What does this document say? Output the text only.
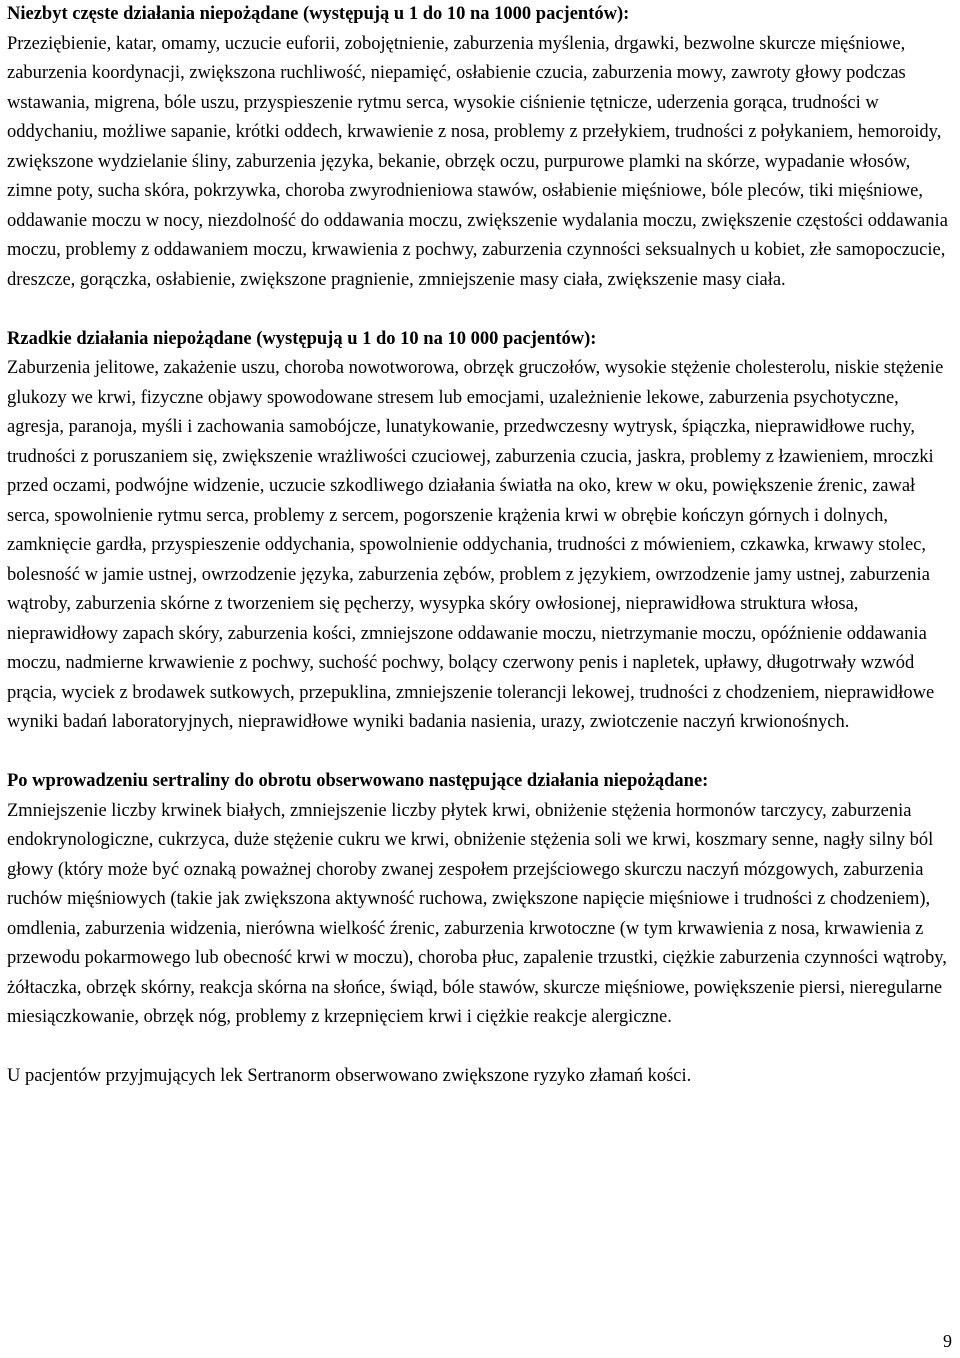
Niezbyt częste działania niepożądane (występują u 1 do 10 na 1000 pacjentów):

Przeziębienie, katar, omamy, uczucie euforii, zobojętnienie, zaburzenia myślenia, drgawki, bezwolne skurcze mięśniowe, zaburzenia koordynacji, zwiększona ruchliwość, niepamięć, osłabienie czucia, zaburzenia mowy, zawroty głowy podczas wstawania, migrena, bóle uszu, przyspieszenie rytmu serca, wysokie ciśnienie tętnicze, uderzenia gorąca, trudności w oddychaniu, możliwe sapanie, krótki oddech, krwawienie z nosa, problemy z przełykiem, trudności z połykaniem, hemoroidy, zwiększone wydzielanie śliny, zaburzenia języka, bekanie, obrzęk oczu, purpurowe plamki na skórze, wypadanie włosów, zimne poty, sucha skóra, pokrzywka, choroba zwyrodnieniowa stawów, osłabienie mięśniowe, bóle pleców, tiki mięśniowe, oddawanie moczu w nocy, niezdolność do oddawania moczu, zwiększenie wydalania moczu, zwiększenie częstości oddawania moczu, problemy z oddawaniem moczu, krwawienia z pochwy, zaburzenia czynności seksualnych u kobiet, złe samopoczucie, dreszcze, gorączka, osłabienie, zwiększone pragnienie, zmniejszenie masy ciała, zwiększenie masy ciała.

Rzadkie działania niepożądane (występują u 1 do 10 na 10 000 pacjentów):

Zaburzenia jelitowe, zakażenie uszu, choroba nowotworowa, obrzęk gruczołów, wysokie stężenie cholesterolu, niskie stężenie glukozy we krwi, fizyczne objawy spowodowane stresem lub emocjami, uzależnienie lekowe, zaburzenia psychotyczne, agresja, paranoja, myśli i zachowania samobójcze, lunatykowanie, przedwczesny wytrysk, śpiączka, nieprawidłowe ruchy, trudności z poruszaniem się, zwiększenie wrażliwości czuciowej, zaburzenia czucia, jaskra, problemy z łzawieniem, mroczki przed oczami, podwójne widzenie, uczucie szkodliwego działania światła na oko, krew w oku, powiększenie źrenic, zawał serca, spowolnienie rytmu serca, problemy z sercem, pogorszenie krążenia krwi w obrębie kończyn górnych i dolnych, zamknięcie gardła, przyspieszenie oddychania, spowolnienie oddychania, trudności z mówieniem, czkawka, krwawy stolec, bolesność w jamie ustnej, owrzodzenie języka, zaburzenia zębów, problem z językiem, owrzodzenie jamy ustnej, zaburzenia wątroby, zaburzenia skórne z tworzeniem się pęcherzy, wysypka skóry owłosionej, nieprawidłowa struktura włosa, nieprawidłowy zapach skóry, zaburzenia kości, zmniejszone oddawanie moczu, nietrzymanie moczu, opóźnienie oddawania moczu, nadmierne krwawienie z pochwy, suchość pochwy, bolący czerwony penis i napletek, upławy, długotrwały wzwód prącia, wyciek z brodawek sutkowych, przepuklina, zmniejszenie tolerancji lekowej, trudności z chodzeniem, nieprawidłowe wyniki badań laboratoryjnych, nieprawidłowe wyniki badania nasienia, urazy, zwiotczenie naczyń krwionośnych.

Po wprowadzeniu sertraliny do obrotu obserwowano następujące działania niepożądane:

Zmniejszenie liczby krwinek białych, zmniejszenie liczby płytek krwi, obniżenie stężenia hormonów tarczycy, zaburzenia endokrynologiczne, cukrzyca, duże stężenie cukru we krwi, obniżenie stężenia soli we krwi, koszmary senne, nagły silny ból głowy (który może być oznaką poważnej choroby zwanej zespołem przejściowego skurczu naczyń mózgowych, zaburzenia ruchów mięśniowych (takie jak zwiększona aktywność ruchowa, zwiększone napięcie mięśniowe i trudności z chodzeniem), omdlenia, zaburzenia widzenia, nierówna wielkość źrenic, zaburzenia krwotoczne (w tym krwawienia z nosa, krwawienia z przewodu pokarmowego lub obecność krwi w moczu), choroba płuc, zapalenie trzustki, ciężkie zaburzenia czynności wątroby, żółtaczka, obrzęk skórny, reakcja skórna na słońce, świąd, bóle stawów, skurcze mięśniowe, powiększenie piersi, nieregularne miesiączkowanie, obrzęk nóg, problemy z krzepnięciem krwi i ciężkie reakcje alergiczne.

U pacjentów przyjmujących lek Sertranorm obserwowano zwiększone ryzyko złamań kości.

9
